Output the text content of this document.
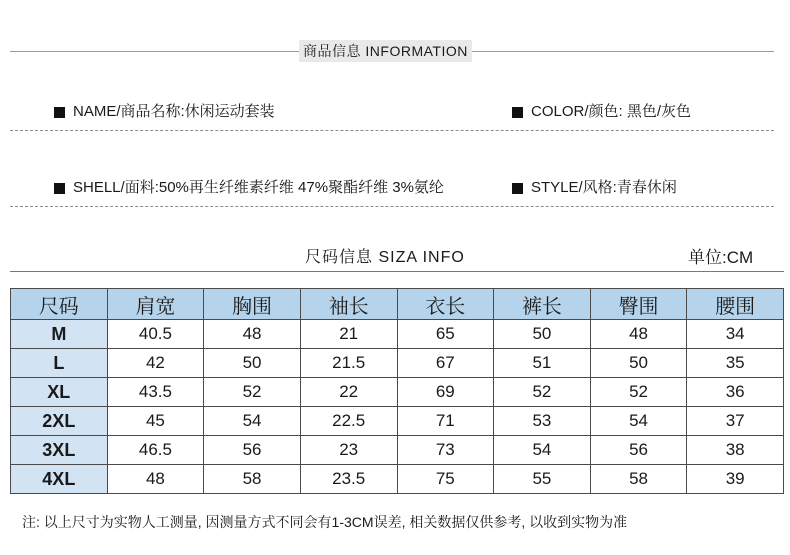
商品信息 INFORMATION
NAME/商品名称:休闲运动套装	COLOR/颜色: 黑色/灰色
SHELL/面料:50%再生纤维素纤维 47%聚酯纤维 3%氨纶	STYLE/风格:青春休闲
尺码信息 SIZA INFO	单位:CM
尺码	肩宽	胸围	袖长	衣长	裤长	臀围	腰围
M	40.5	48	21	65	50	48	34
L	42	50	21.5	67	51	50	35
XL	43.5	52	22	69	52	52	36
2XL	45	54	22.5	71	53	54	37
3XL	46.5	56	23	73	54	56	38
4XL	48	58	23.5	75	55	58	39
注: 以上尺寸为实物人工测量, 因测量方式不同会有1-3CM误差, 相关数据仅供参考, 以收到实物为准
